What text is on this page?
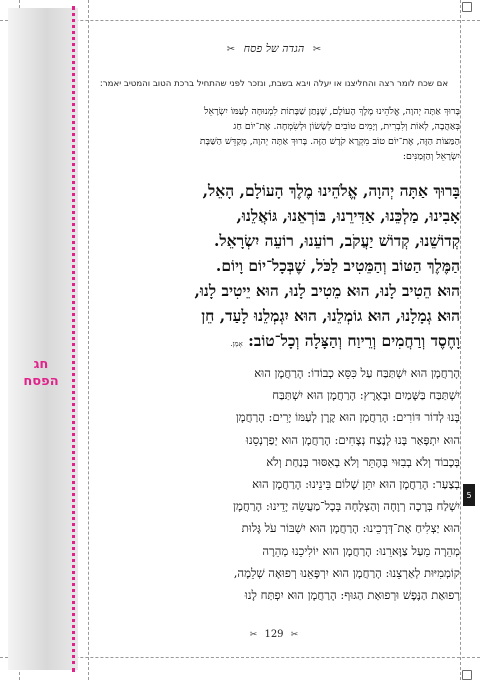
חג
הפסח
5
✂ הגדה של פסח ✂
אם שכח לומר רצה והחליצנו או יעלה ויבא בשבת, ונזכר לפני שהתחיל ברכת הטוב והמטיב יאמר:

בָּרוּךְ אַתָּה יְהוָה, אֱלֹהֵינוּ מֶלֶךְ הָעוֹלָם, שֶׁנָּתַן שַׁבָּתוֹת לִמְנוּחָה לְעַמּוֹ יִשְׂרָאֵל

בְּאַהֲבָה, לְאוֹת וְלִבְרִית, וְיָמִים טוֹבִים לְשָׂשׂוֹן וּלְשִׂמְחָה. אֶת־יוֹם חַג

הַמַּצּוֹת הַזֶּה, אֶת־יוֹם טוֹב מִקְרָא קֹדֶשׁ הַזֶּה. בָּרוּךְ אַתָּה יְהוָה, מְקַדֵּשׁ הַשַּׁבָּת

יִשְׂרָאֵל וְהַזְּמַנִּים:

בָּרוּךְ אַתָּה יְהוָה, אֱלֹהֵינוּ מֶלֶךְ הָעוֹלָם, הָאֵל,
אָבִינוּ, מַלְכֵּנוּ, אַדִּירֵנוּ, בּוֹרְאֵנוּ, גּוֹאֲלֵנוּ,
קְדוֹשֵׁנוּ, קְדוֹשׁ יַעֲקֹב, רוֹעֵנוּ, רוֹעֵה יִשְׂרָאֵל.
הַמֶּלֶךְ הַטּוֹב וְהַמֵּטִיב לַכֹּל, שֶׁבְּכָל־יוֹם וָיוֹם.
הוּא הֵטִיב לָנוּ, הוּא מֵטִיב לָנוּ, הוּא יֵיטִיב לָנוּ,
הוּא גְמָלָנוּ, הוּא גוֹמְלֵנוּ, הוּא יִגְמְלֵנוּ לָעַד, חֵן
וָחֶסֶד וְרַחֲמִים וְרֵיוַח וְהַצָּלָה וְכָל־טוֹב: אָמֵן.
הָרַחֲמָן הוּא יִשְׁתַּבַּח עַל כִּסֵּא כְבוֹדוֹ: הָרַחֲמָן הוּא
יִשְׁתַּבַּח בַּשָּׁמַיִם וּבָאָרֶץ: הָרַחֲמָן הוּא יִשְׁתַּבַּח
בָּנוּ לְדוֹר דּוֹרִים: הָרַחֲמָן הוּא קֶרֶן לְעַמּוֹ יָרִים: הָרַחֲמָן
הוּא יִתְפָּאַר בָּנוּ לָנֶצַח נְצָחִים: הָרַחֲמָן הוּא יְפַרְנְסֵנוּ
בְּכָבוֹד וְלֹא בְבִזּוּי בְּהֶתֵּר וְלֹא בְאִסּוּר בְּנַחַת וְלֹא
בְצַעַר: הָרַחֲמָן הוּא יִתֵּן שָׁלוֹם בֵּינֵינוּ: הָרַחֲמָן הוּא
יִשְׁלַח בְּרָכָה רְוָחָה וְהַצְלָחָה בְּכָל־מַעֲשֵׂה יָדֵינוּ: הָרַחֲמָן
הוּא יַצְלִיחַ אֶת־דְּרָכֵינוּ: הָרַחֲמָן הוּא יִשְׁבּוֹר עֹל גָּלוּת
מְהֵרָה מֵעַל צַוָּארֵנוּ: הָרַחֲמָן הוּא יוֹלִיכֵנוּ מְהֵרָה
קוֹמְמִיּוּת לְאַרְצֵנוּ: הָרַחֲמָן הוּא יִרְפָּאֵנוּ רְפוּאָה שְׁלֵמָה,
רְפוּאַת הַנֶּפֶשׁ וּרְפוּאַת הַגּוּף: הָרַחֲמָן הוּא יִפְתַּח לָנוּ
✂ 129 ✂
